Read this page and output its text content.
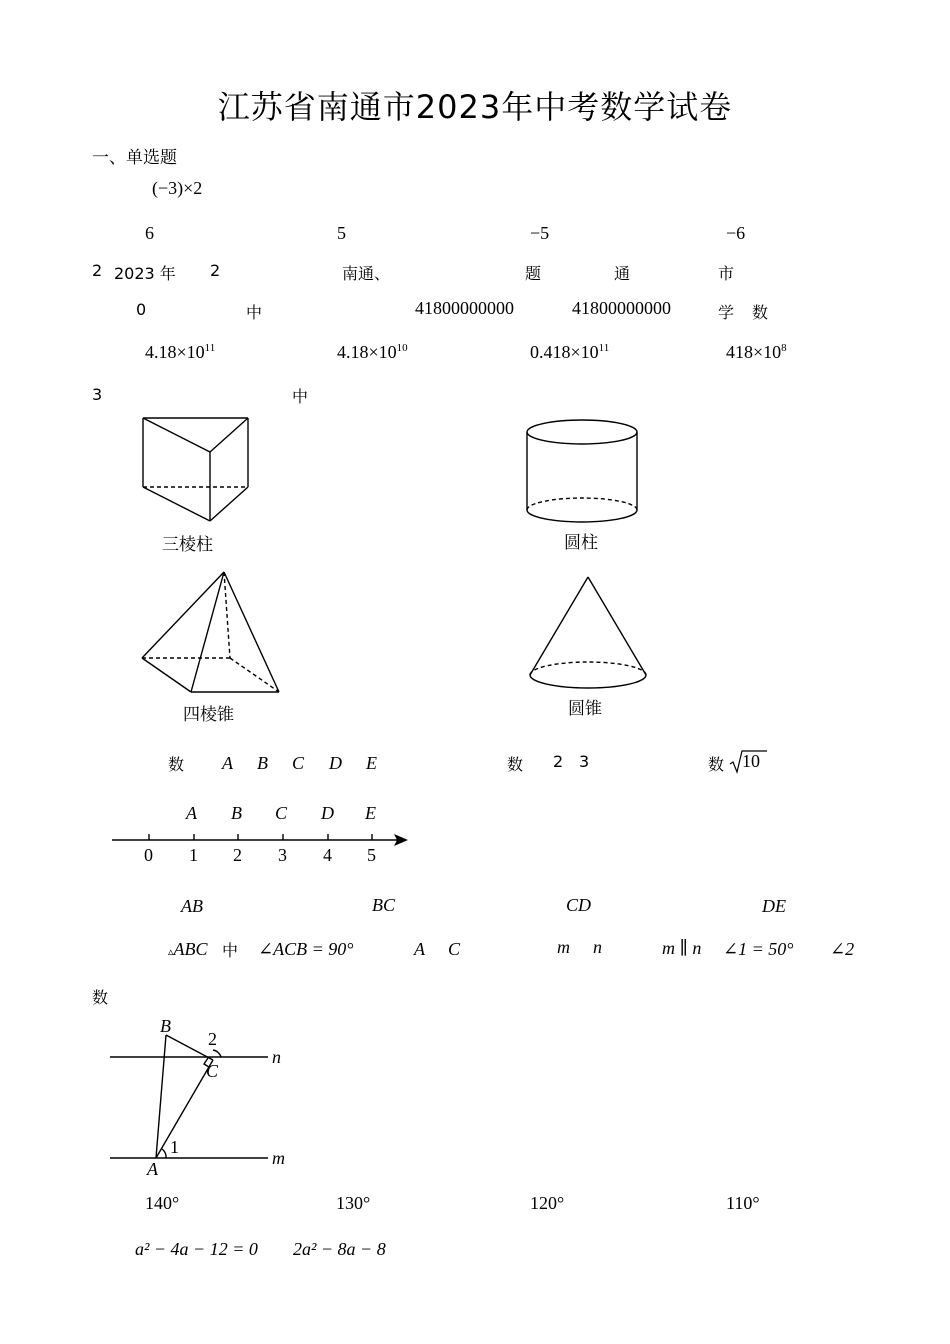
江苏省南通市2023年中考数学试卷
一、单选题
(−3)×2
6	5	−5	−6
2 2023 年 2	南通、	题	通	市
0	中	41800000000	41800000000	学 数
$4.18\times 10^{11}$	$4.18\times 10^{10}$	$0.418\times 10^{11}$	$418\times 10^8$
3	中
三棱柱	圆柱
四棱锥	圆锥
数 A B C D E	数 2 3	数 10
A B C D E
0 1 2 3 4 5
AB	BC	CD	DE
▵ABC 中 ∠ACB = 90°	A C	m n	m ∥ n ∠1 = 50° ∠2
数
B
2
C
n
A
1
m
140°	130°	120°	110°
a² − 4a − 12 = 0 2a² − 8a − 8
